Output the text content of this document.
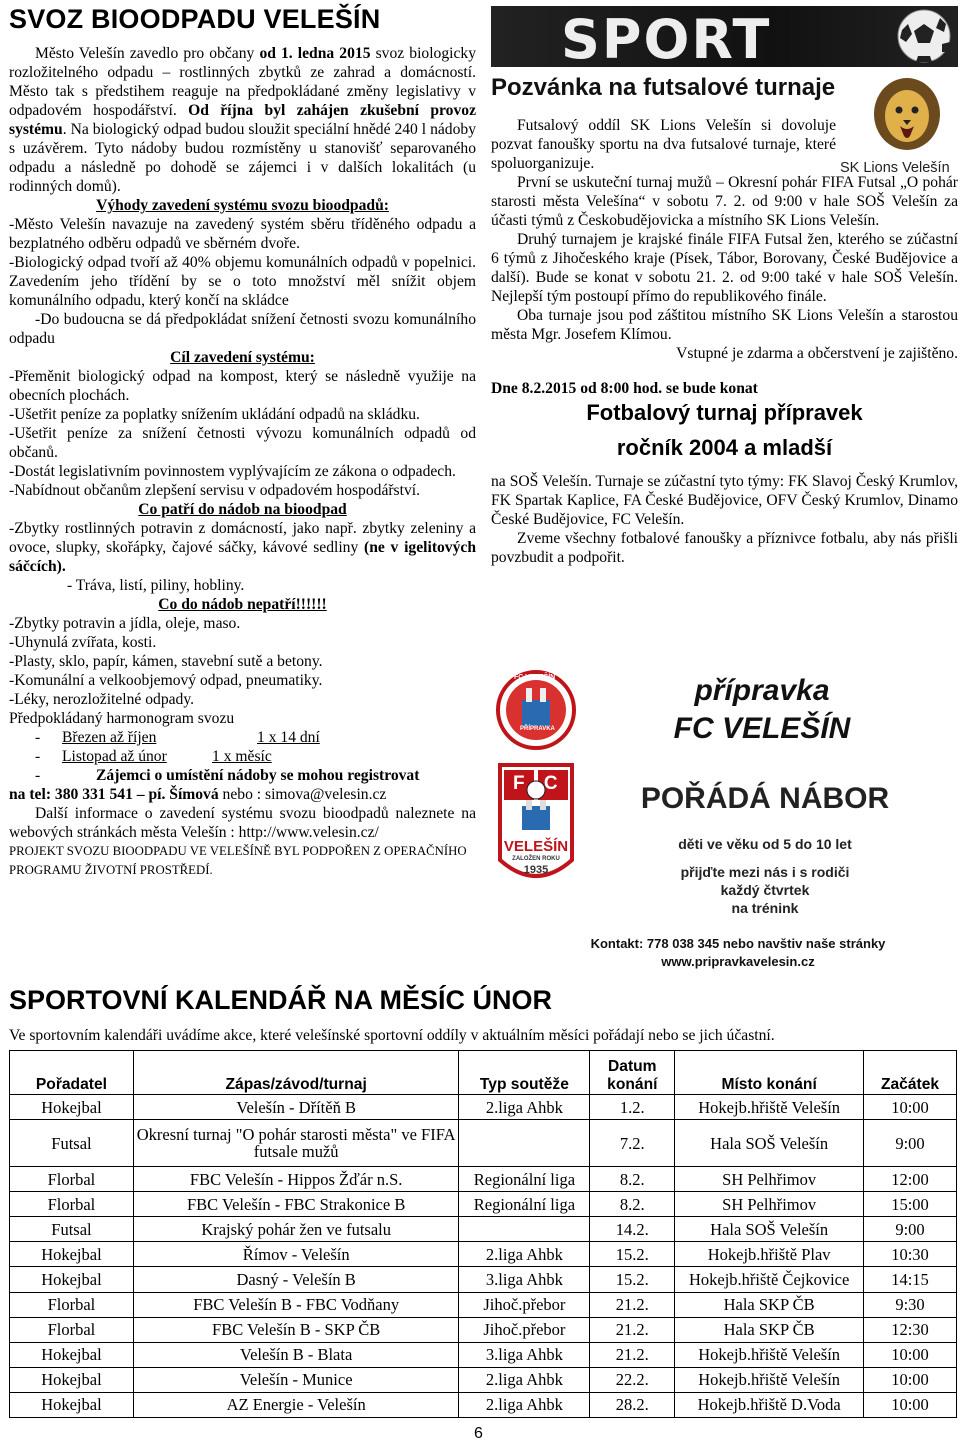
SVOZ BIOODPADU VELEŠÍN

Město Velešín zavedlo pro občany od 1. ledna 2015 svoz biologicky rozložitelného odpadu – rostlinných zbytků ze zahrad a domácností. Město tak s předstihem reaguje na předpokládané změny legislativy v odpadovém hospodářství. Od října byl zahájen zkušební provoz systému. Na biologický odpad budou sloužit speciální hnědé 240 l nádoby s uzávěrem. Tyto nádoby budou rozmístěny u stanovišť separovaného odpadu a následně po dohodě se zájemci i v dalších lokalitách (u rodinných domů).

Výhody zavedení systému svozu bioodpadů:

-Město Velešín navazuje na zavedený systém sběru tříděného odpadu a bezplatného odběru odpadů ve sběrném dvoře.

-Biologický odpad tvoří až 40% objemu komunálních odpadů v popelnici. Zavedením jeho třídění by se o toto množství měl snížit objem komunálního odpadu, který končí na skládce

-Do budoucna se dá předpokládat snížení četnosti svozu komunálního odpadu

Cíl zavedení systému:

-Přeměnit biologický odpad na kompost, který se následně využije na obecních plochách.

-Ušetřit peníze za poplatky snížením ukládání odpadů na skládku.

-Ušetřit peníze za snížení četnosti vývozu komunálních odpadů od občanů.

-Dostát legislativním povinnostem vyplývajícím ze zákona o odpadech.

-Nabídnout občanům zlepšení servisu v odpadovém hospodářství.

Co patří do nádob na bioodpad

-Zbytky rostlinných potravin z domácností, jako např. zbytky zeleniny a ovoce, slupky, skořápky, čajové sáčky, kávové sedliny (ne v igelitových sáčcích).

- Tráva, listí, piliny, hobliny.

Co do nádob nepatří!!!!!!

-Zbytky potravin a jídla, oleje, maso.

-Uhynulá zvířata, kosti.

-Plasty, sklo, papír, kámen, stavební sutě a betony.

-Komunální a velkoobjemový odpad, pneumatiky.

-Léky, nerozložitelné odpady.

Předpokládaný harmonogram svozu

-	Březen až říjen	1 x 14 dní
-	Listopad až únor	1 x měsíc
-	Zájemci o umístění nádoby se mohou registrovat

na tel: 380 331 541 – pí. Šímová nebo : simova@velesin.cz

Další informace o zavedení systému svozu bioodpadů naleznete na webových stránkách města Velešín : http://www.velesin.cz/

PROJEKT SVOZU BIOODPADU VE VELEŠÍNĚ BYL PODPOŘEN Z OPERAČNÍHO PROGRAMU ŽIVOTNÍ PROSTŘEDÍ.

SPORT
SK Lions Velešín
Pozvánka na futsalové turnaje

Futsalový oddíl SK Lions Velešín si dovoluje pozvat fanoušky sportu na dva futsalové turnaje, které spoluorganizuje.

První se uskuteční turnaj mužů – Okresní pohár FIFA Futsal „O pohár starosti města Velešína“ v sobotu 7. 2. od 9:00 v hale SOŠ Velešín za účasti týmů z Českobudějovicka a místního SK Lions Velešín.

Druhý turnajem je krajské finále FIFA Futsal žen, kterého se zúčastní 6 týmů z Jihočeského kraje (Písek, Tábor, Borovany, České Budějovice a další). Bude se konat v sobotu 21. 2. od 9:00 také v hale SOŠ Velešín. Nejlepší tým postoupí přímo do republikového finále.

Oba turnaje jsou pod záštitou místního SK Lions Velešín a starostou města Mgr. Josefem Klímou.

Vstupné je zdarma a občerstvení je zajištěno.

Dne 8.2.2015 od 8:00 hod. se bude konat

Fotbalový turnaj přípravek

ročník 2004 a mladší

na SOŠ Velešín. Turnaje se zúčastní tyto týmy: FK Slavoj Český Krumlov, FK Spartak Kaplice, FA České Budějovice, OFV Český Krumlov, Dinamo České Budějovice, FC Velešín.

Zveme všechny fotbalové fanoušky a příznivce fotbalu, aby nás přišli povzbudit a podpořit.

FC VELEŠÍN
PŘÍPRAVKA
F C
VELEŠÍN
ZALOŽEN ROKU
1935
přípravka
FC VELEŠÍN
POŘÁDÁ NÁBOR
děti ve věku od 5 do 10 let
přijďte mezi nás i s rodiči
každý čtvrtek
na trénink
Kontakt: 778 038 345 nebo navštiv naše stránky
www.pripravkavelesin.cz
SPORTOVNÍ KALENDÁŘ NA MĚSÍC ÚNOR
Ve sportovním kalendáři uvádíme akce, které velešínské sportovní oddíly v aktuálním měsíci pořádají nebo se jich účastní.
Pořadatel	Zápas/závod/turnaj	Typ soutěže	Datum konání	Místo konání	Začátek
Hokejbal	Velešín - Dřítěň B	2.liga Ahbk	1.2.	Hokejb.hřiště Velešín	10:00
Futsal	Okresní turnaj "O pohár starosti města" ve FIFA futsale mužů		7.2.	Hala SOŠ Velešín	9:00
Florbal	FBC Velešín - Hippos Žďár n.S.	Regionální liga	8.2.	SH Pelhřimov	12:00
Florbal	FBC Velešín - FBC Strakonice B	Regionální liga	8.2.	SH Pelhřimov	15:00
Futsal	Krajský pohár žen ve futsalu		14.2.	Hala SOŠ Velešín	9:00
Hokejbal	Římov - Velešín	2.liga Ahbk	15.2.	Hokejb.hřiště Plav	10:30
Hokejbal	Dasný - Velešín B	3.liga Ahbk	15.2.	Hokejb.hřiště Čejkovice	14:15
Florbal	FBC Velešín B - FBC Vodňany	Jihoč.přebor	21.2.	Hala SKP ČB	9:30
Florbal	FBC Velešín B - SKP ČB	Jihoč.přebor	21.2.	Hala SKP ČB	12:30
Hokejbal	Velešín B - Blata	3.liga Ahbk	21.2.	Hokejb.hřiště Velešín	10:00
Hokejbal	Velešín - Munice	2.liga Ahbk	22.2.	Hokejb.hřiště Velešín	10:00
Hokejbal	AZ Energie - Velešín	2.liga Ahbk	28.2.	Hokejb.hřiště D.Voda	10:00
6
